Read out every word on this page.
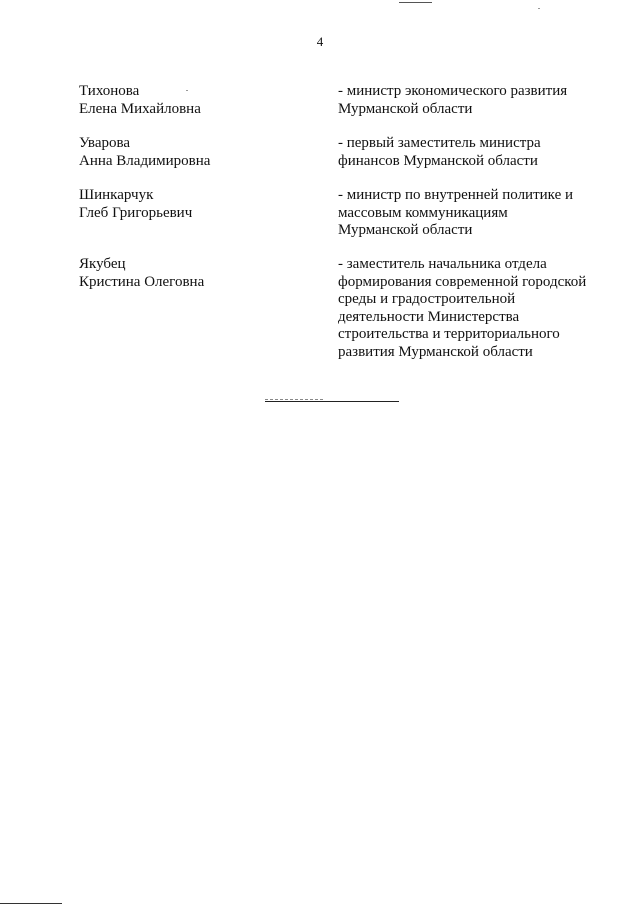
4
Тихонова
Елена Михайловна
- министр экономического развития
Мурманской области
Уварова
Анна Владимировна
- первый заместитель министра
финансов Мурманской области
Шинкарчук
Глеб Григорьевич
- министр по внутренней политике и
массовым коммуникациям
Мурманской области
Якубец
Кристина Олеговна
- заместитель начальника отдела
формирования современной городской
среды и градостроительной
деятельности Министерства
строительства и территориального
развития Мурманской области
